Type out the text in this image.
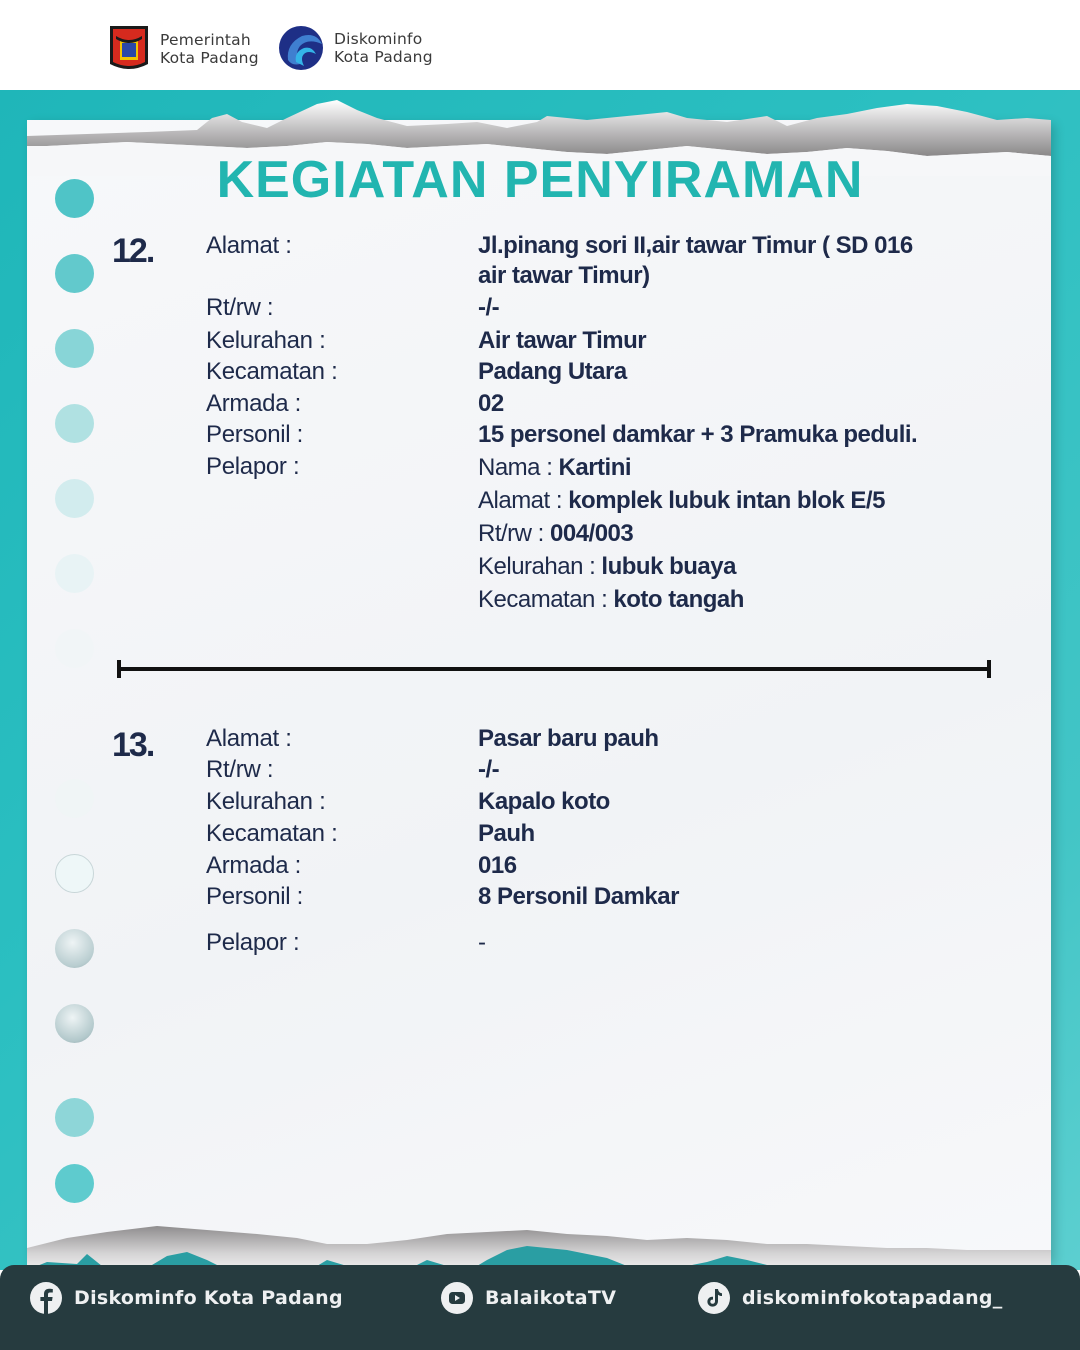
Pemerintah
Kota Padang
Diskominfo
Kota Padang
KEGIATAN PENYIRAMAN
12. Alamat :	Jl.pinang sori II,air tawar Timur ( SD 016
air tawar Timur)
Rt/rw :	-/-
Kelurahan :	Air tawar Timur
Kecamatan :	Padang Utara
Armada :	02
Personil :	15 personel damkar + 3 Pramuka peduli.
Pelapor :	Nama : Kartini
Alamat : komplek lubuk intan blok E/5
Rt/rw : 004/003
Kelurahan : lubuk buaya
Kecamatan : koto tangah
13. Alamat :	Pasar baru pauh
Rt/rw :	-/-
Kelurahan :	Kapalo koto
Kecamatan :	Pauh
Armada :	016
Personil :	8 Personil Damkar
Pelapor :	-
Diskominfo Kota Padang	BalaikotaTV	diskominfokotapadang_
